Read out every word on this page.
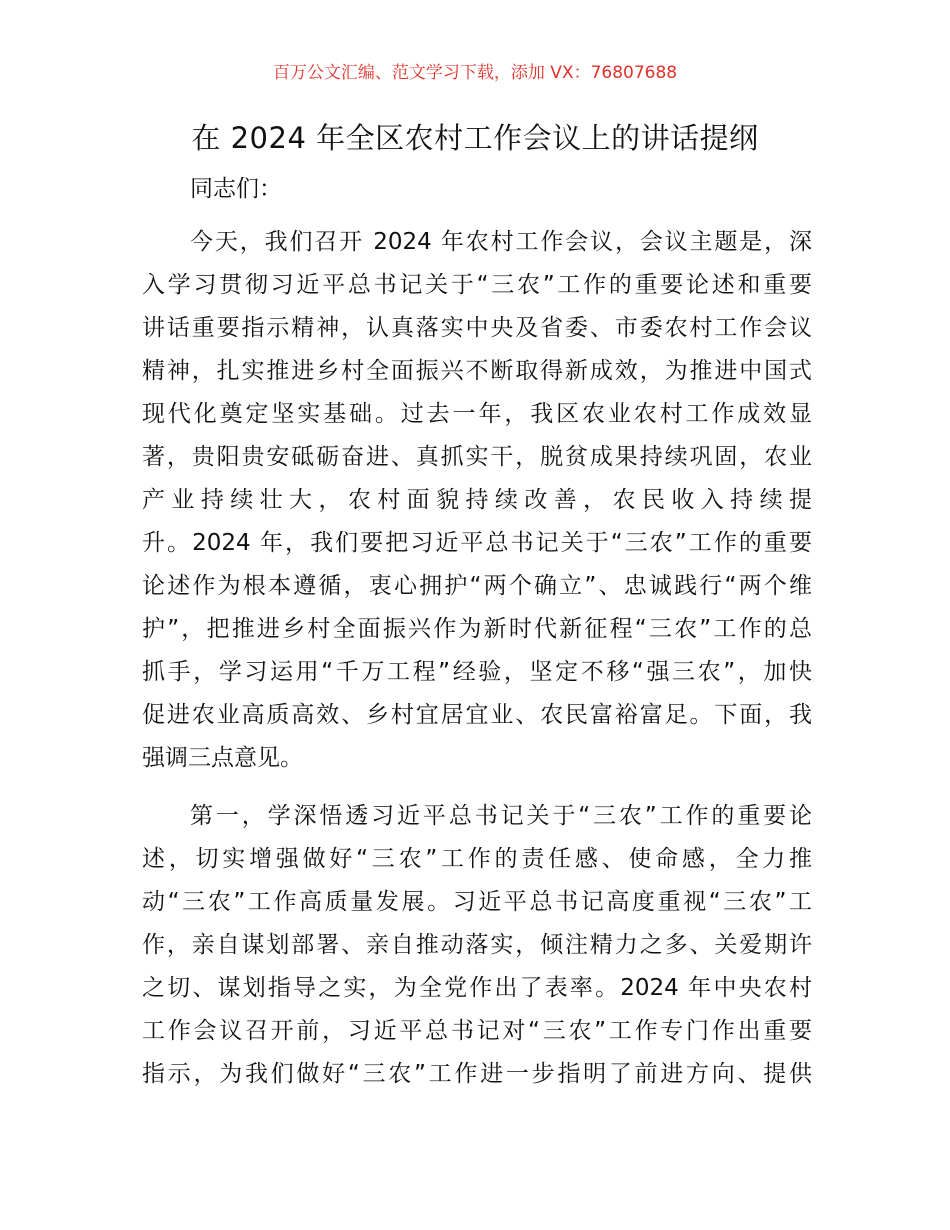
百万公文汇编、范文学习下载，添加 VX：76807688
在 2024 年全区农村工作会议上的讲话提纲
同志们：
今天，我们召开 2024 年农村工作会议，会议主题是，深
入学习贯彻习近平总书记关于“三农”工作的重要论述和重要
讲话重要指示精神，认真落实中央及省委、市委农村工作会议
精神，扎实推进乡村全面振兴不断取得新成效，为推进中国式
现代化奠定坚实基础。过去一年，我区农业农村工作成效显
著，贵阳贵安砥砺奋进、真抓实干，脱贫成果持续巩固，农业
产业持续壮大，农村面貌持续改善，农民收入持续提
升。2024 年，我们要把习近平总书记关于“三农”工作的重要
论述作为根本遵循，衷心拥护“两个确立”、忠诚践行“两个维
护”，把推进乡村全面振兴作为新时代新征程“三农”工作的总
抓手，学习运用“千万工程”经验，坚定不移“强三农”，加快
促进农业高质高效、乡村宜居宜业、农民富裕富足。下面，我
强调三点意见。
第一，学深悟透习近平总书记关于“三农”工作的重要论
述，切实增强做好“三农”工作的责任感、使命感，全力推
动“三农”工作高质量发展。习近平总书记高度重视“三农”工
作，亲自谋划部署、亲自推动落实，倾注精力之多、关爱期许
之切、谋划指导之实，为全党作出了表率。2024 年中央农村
工作会议召开前，习近平总书记对“三农”工作专门作出重要
指示，为我们做好“三农”工作进一步指明了前进方向、提供
